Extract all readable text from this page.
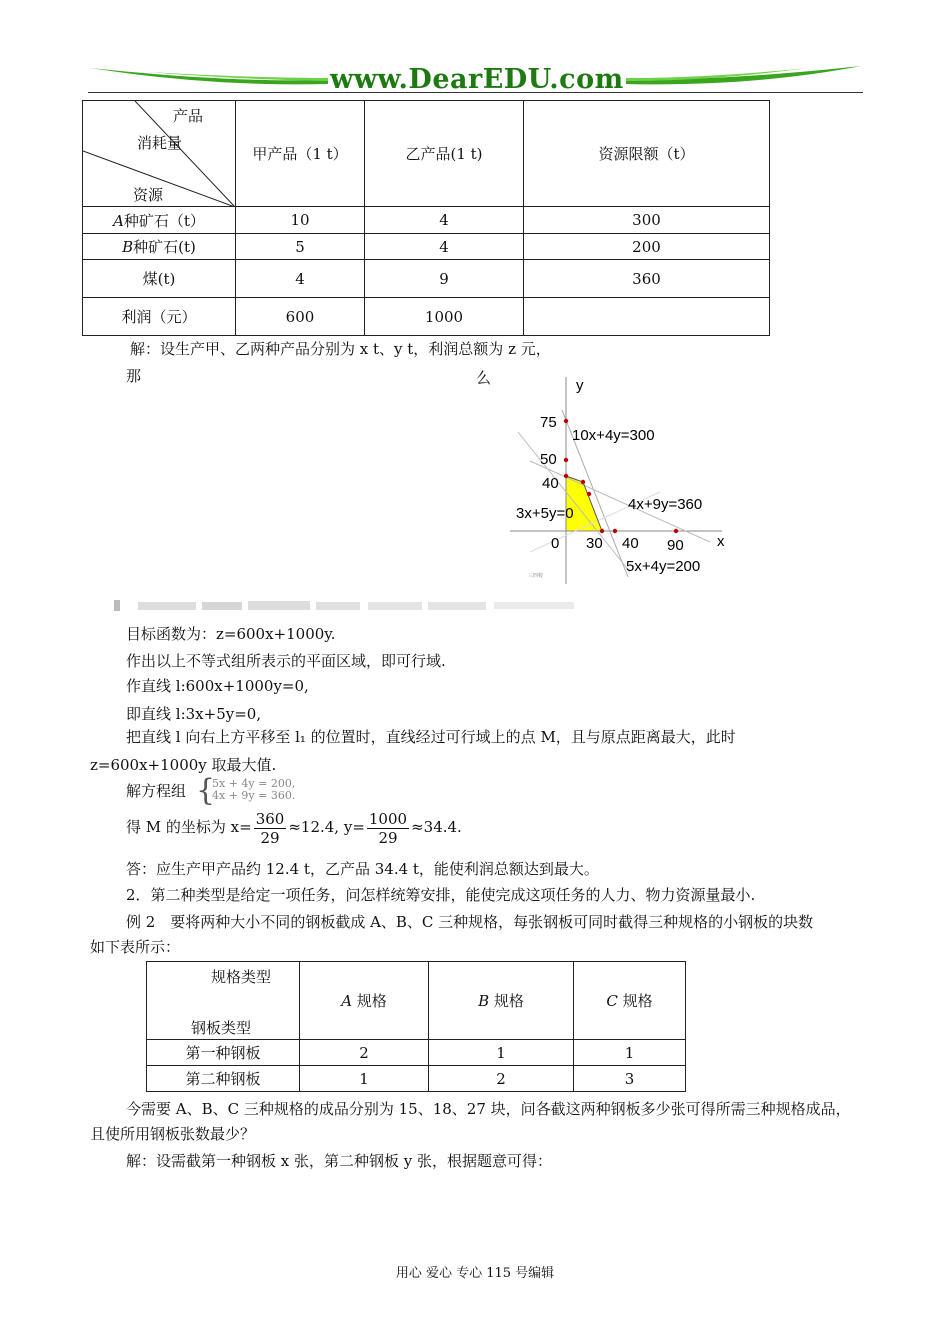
www.DearEDU.com
产品
消耗量
资源	甲产品（1 t）	乙产品(1 t)	资源限额（t）
A种矿石（t）	10	4	300
B种矿石(t)	5	4	200
煤(t)	4	9	360
利润（元）	600	1000	
解：设生产甲、乙两种产品分别为 x t、y t，利润总额为 z 元，
那	么	y
x
0
75
50
40
30 40 90
10x+4y=300
4x+9y=360
3x+5y=0
5x+4y=200
三四校
目标函数为：z=600x+1000y.
作出以上不等式组所表示的平面区域，即可行域.
作直线 l:600x+1000y=0,
即直线 l:3x+5y=0,
把直线 l 向右上方平移至 l₁ 的位置时，直线经过可行域上的点 M，且与原点距离最大，此时
z=600x+1000y 取最大值.
解方程组 {
5x + 4y = 200,
4x + 9y = 360.
得 M 的坐标为 $x= \frac{360}{29} \approx 12.4$, $y= \frac{1000}{29} \approx 34.4$.
答：应生产甲产品约 12.4 t，乙产品 34.4 t，能使利润总额达到最大。
2．第二种类型是给定一项任务，问怎样统筹安排，能使完成这项任务的人力、物力资源量最小.
例 2　要将两种大小不同的钢板截成 A、B、C 三种规格，每张钢板可同时截得三种规格的小钢板的块数
如下表所示：
规格类型
钢板类型	A 规格	B 规格	C 规格
第一种钢板	2	1	1
第二种钢板	1	2	3
今需要 A、B、C 三种规格的成品分别为 15、18、27 块，问各截这两种钢板多少张可得所需三种规格成品，
且使所用钢板张数最少？
解：设需截第一种钢板 x 张，第二种钢板 y 张，根据题意可得：
用心 爱心 专心 115 号编辑
